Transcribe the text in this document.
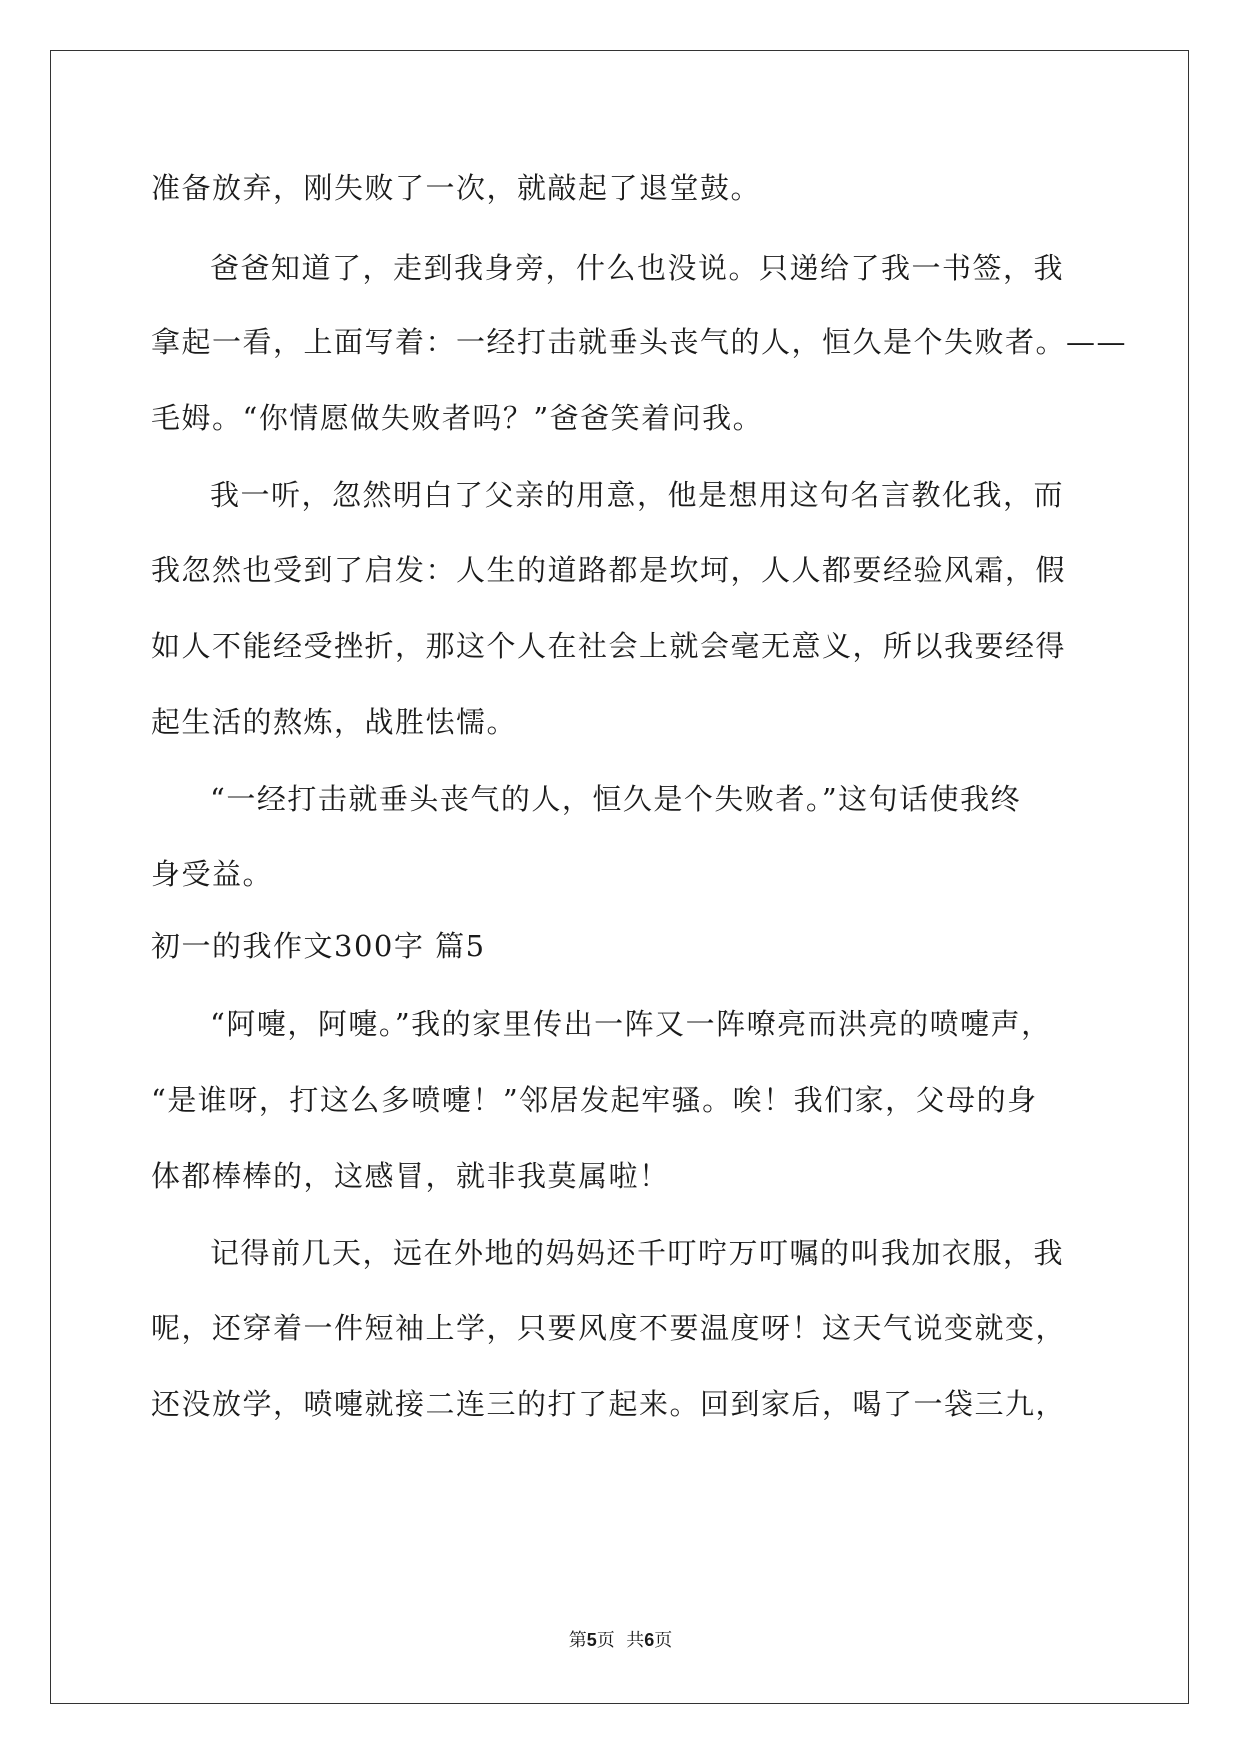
准备放弃，刚失败了一次，就敲起了退堂鼓。
爸爸知道了，走到我身旁，什么也没说。只递给了我一书签，我
拿起一看，上面写着：一经打击就垂头丧气的人，恒久是个失败者。——
毛姆。“你情愿做失败者吗？”爸爸笑着问我。
我一听，忽然明白了父亲的用意，他是想用这句名言教化我，而
我忽然也受到了启发：人生的道路都是坎坷，人人都要经验风霜，假
如人不能经受挫折，那这个人在社会上就会毫无意义，所以我要经得
起生活的熬炼，战胜怯懦。
“一经打击就垂头丧气的人，恒久是个失败者。”这句话使我终
身受益。
初一的我作文300字 篇5
“阿嚏，阿嚏。”我的家里传出一阵又一阵嘹亮而洪亮的喷嚏声，
“是谁呀，打这么多喷嚏！”邻居发起牢骚。唉！我们家，父母的身
体都棒棒的，这感冒，就非我莫属啦！
记得前几天，远在外地的妈妈还千叮咛万叮嘱的叫我加衣服，我
呢，还穿着一件短袖上学，只要风度不要温度呀！这天气说变就变，
还没放学，喷嚏就接二连三的打了起来。回到家后，喝了一袋三九，
第5页  共6页
